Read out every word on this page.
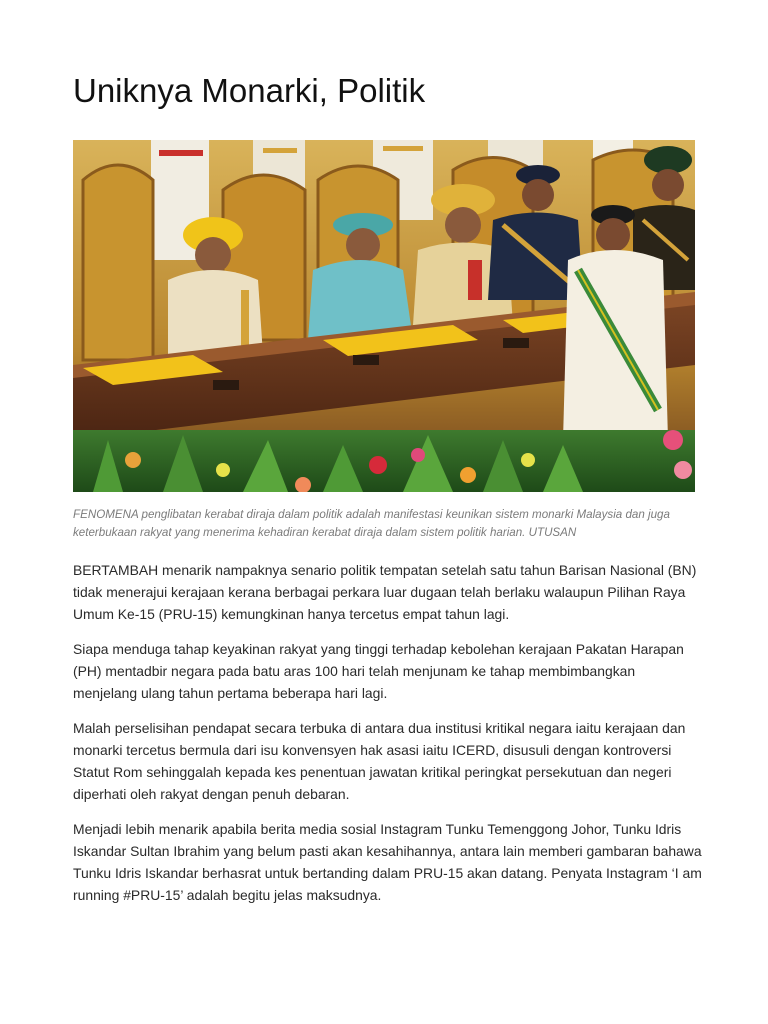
Uniknya Monarki, Politik

FENOMENA penglibatan kerabat diraja dalam politik adalah manifestasi keunikan sistem monarki Malaysia dan juga keterbukaan rakyat yang menerima kehadiran kerabat diraja dalam sistem politik harian. UTUSAN

BERTAMBAH menarik nampaknya senario politik tempatan setelah satu tahun Barisan Nasional (BN) tidak menerajui kerajaan kerana berbagai perkara luar dugaan telah berlaku walaupun Pilihan Raya Umum Ke-15 (PRU-15) kemungkinan hanya tercetus empat tahun lagi.

Siapa menduga tahap keyakinan rakyat yang tinggi terhadap kebolehan kerajaan Pakatan Harapan (PH) mentadbir negara pada batu aras 100 hari telah menjunam ke tahap membimbangkan menjelang ulang tahun pertama beberapa hari lagi.

Malah perselisihan pendapat secara terbuka di antara dua institusi kritikal negara iaitu kerajaan dan monarki tercetus bermula dari isu konvensyen hak asasi iaitu ICERD, disusuli dengan kontroversi Statut Rom sehinggalah kepada kes penentuan jawatan kritikal peringkat persekutuan dan negeri diperhati oleh rakyat dengan penuh debaran.

Menjadi lebih menarik apabila berita media sosial Instagram Tunku Temenggong Johor, Tunku Idris Iskandar Sultan Ibrahim yang belum pasti akan kesahihannya, antara lain memberi gambaran bahawa Tunku Idris Iskandar berhasrat untuk bertanding dalam PRU-15 akan datang. Penyata Instagram ‘I am running #PRU-15’ adalah begitu jelas maksudnya.
